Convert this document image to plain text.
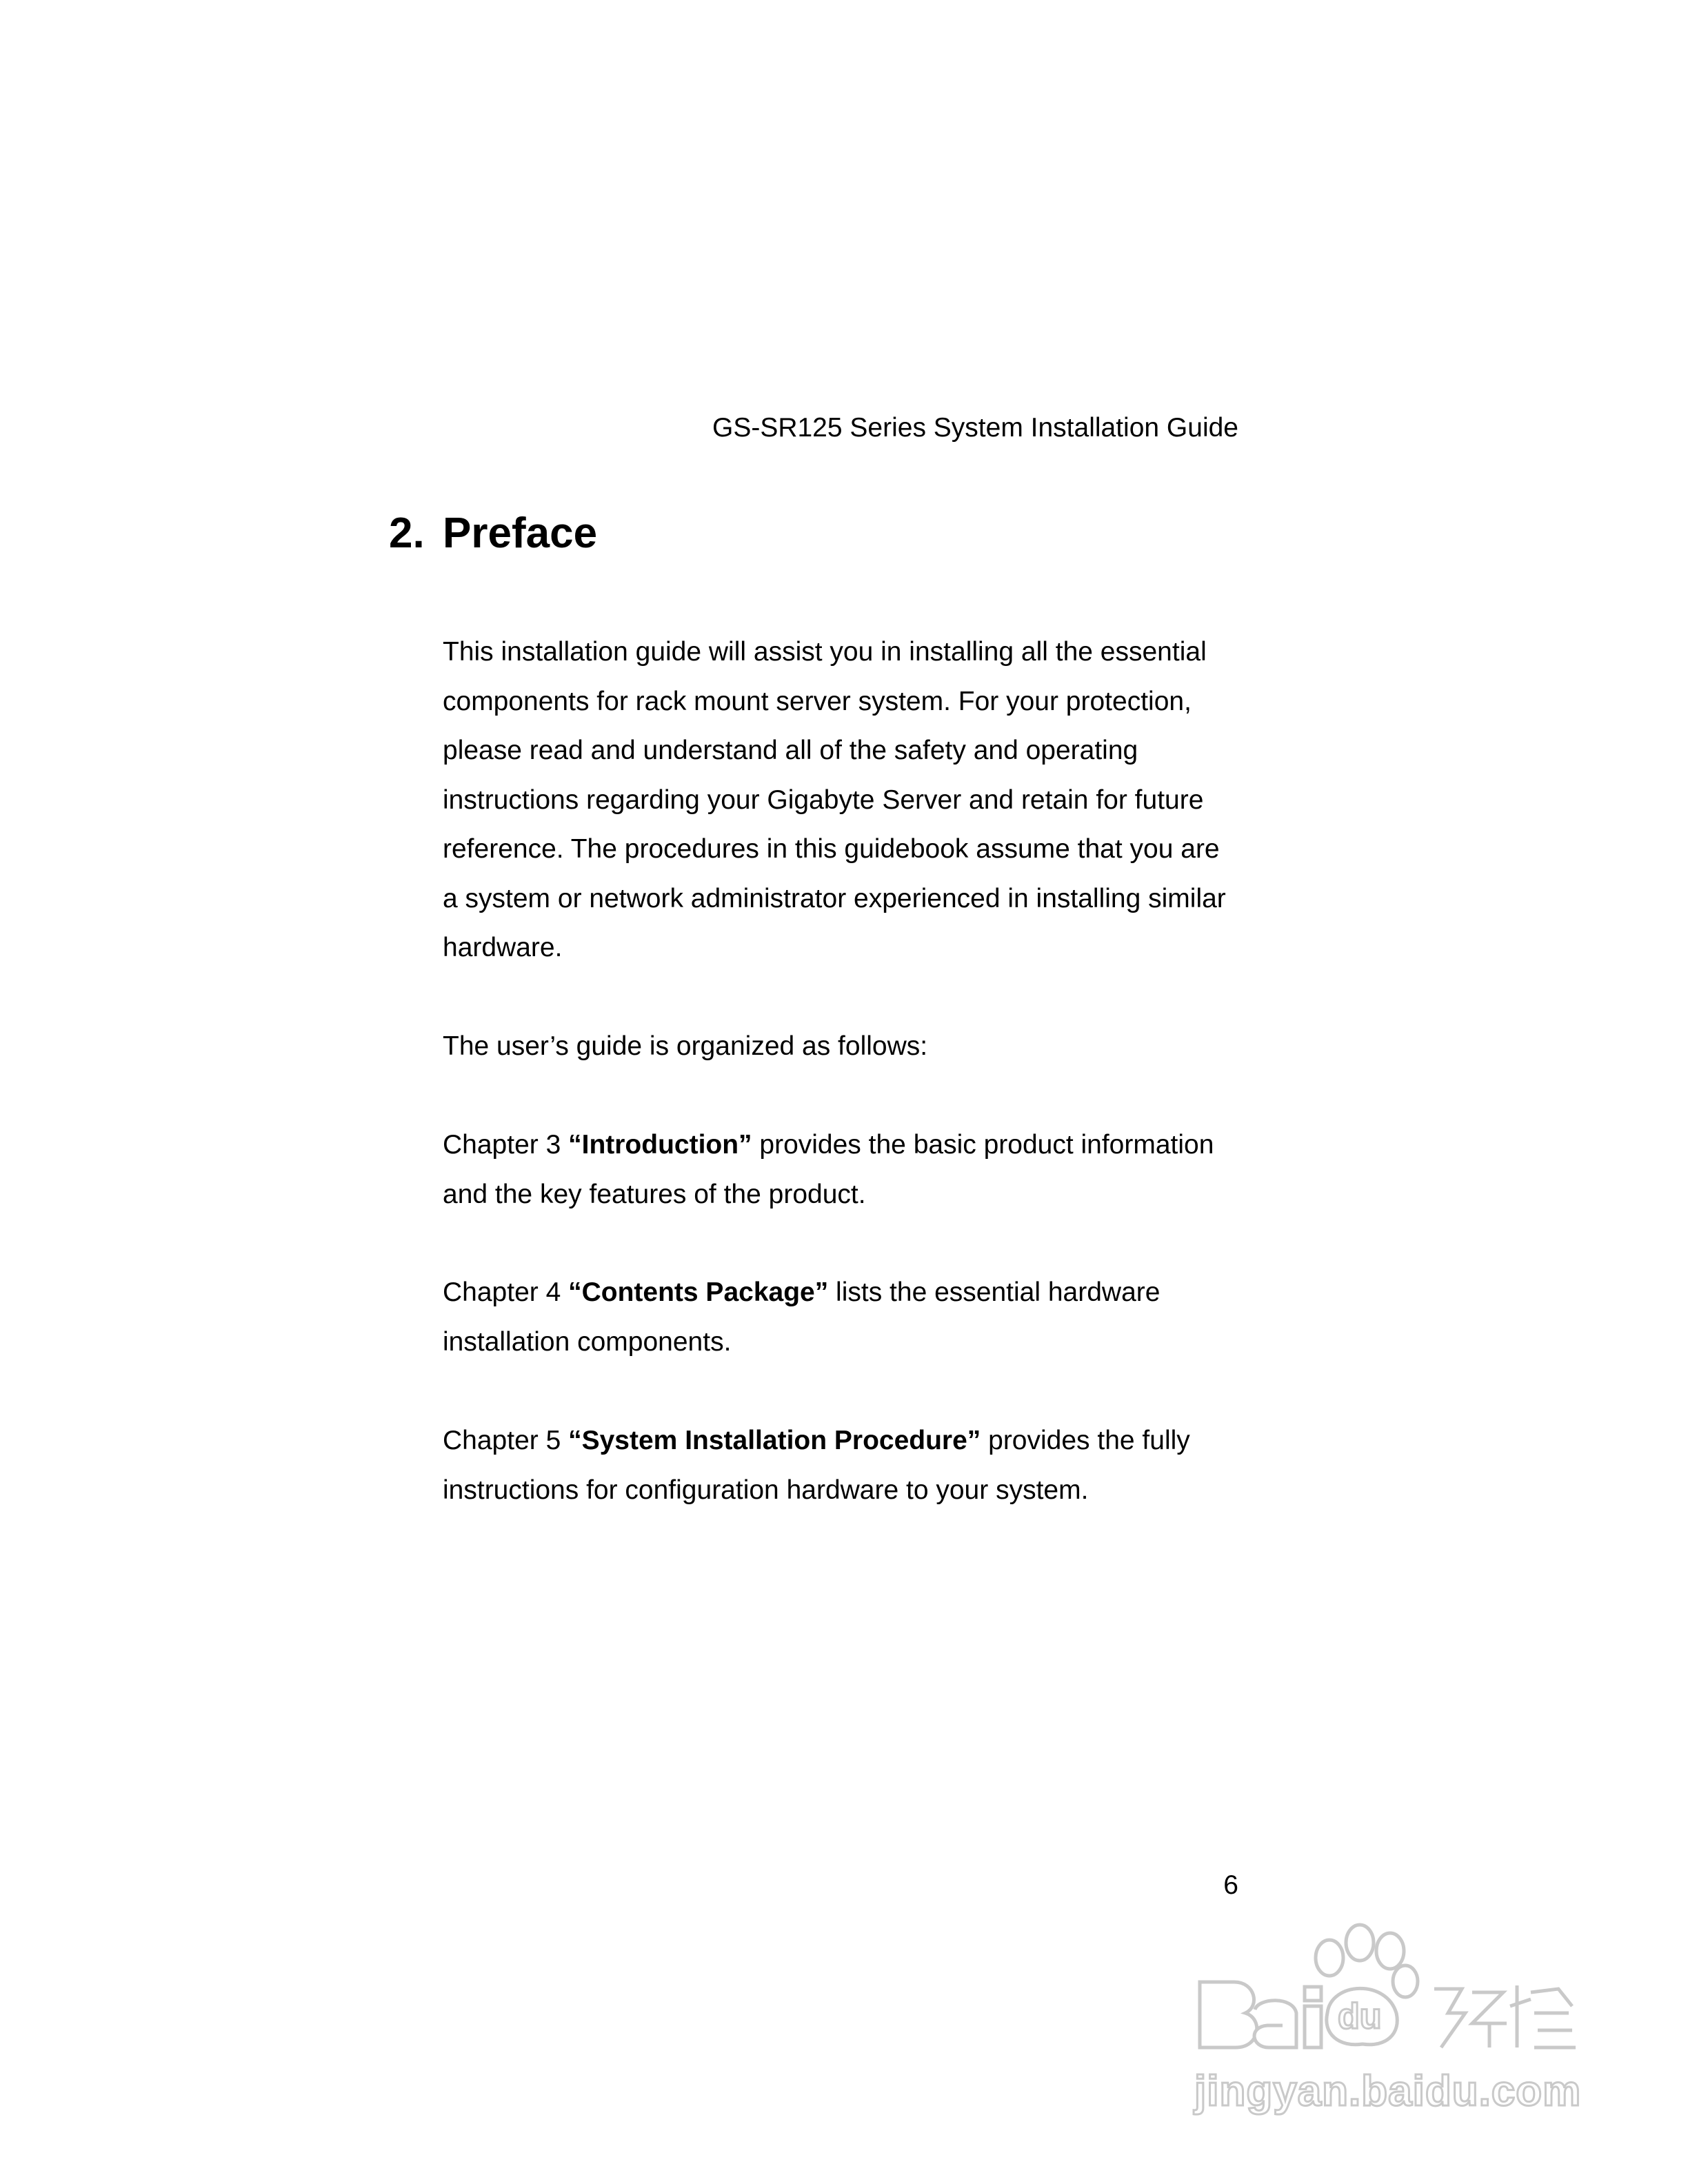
GS-SR125 Series System Installation Guide
2. Preface

This installation guide will assist you in installing all the essential
components for rack mount server system. For your protection,
please read and understand all of the safety and operating
instructions regarding your Gigabyte Server and retain for future
reference. The procedures in this guidebook assume that you are
a system or network administrator experienced in installing similar
hardware.

The user’s guide is organized as follows:

Chapter 3 “Introduction” provides the basic product information
and the key features of the product.

Chapter 4 “Contents Package” lists the essential hardware
installation components.

Chapter 5 “System Installation Procedure” provides the fully
instructions for configuration hardware to your system.

6
du
jingyan.baidu.com
